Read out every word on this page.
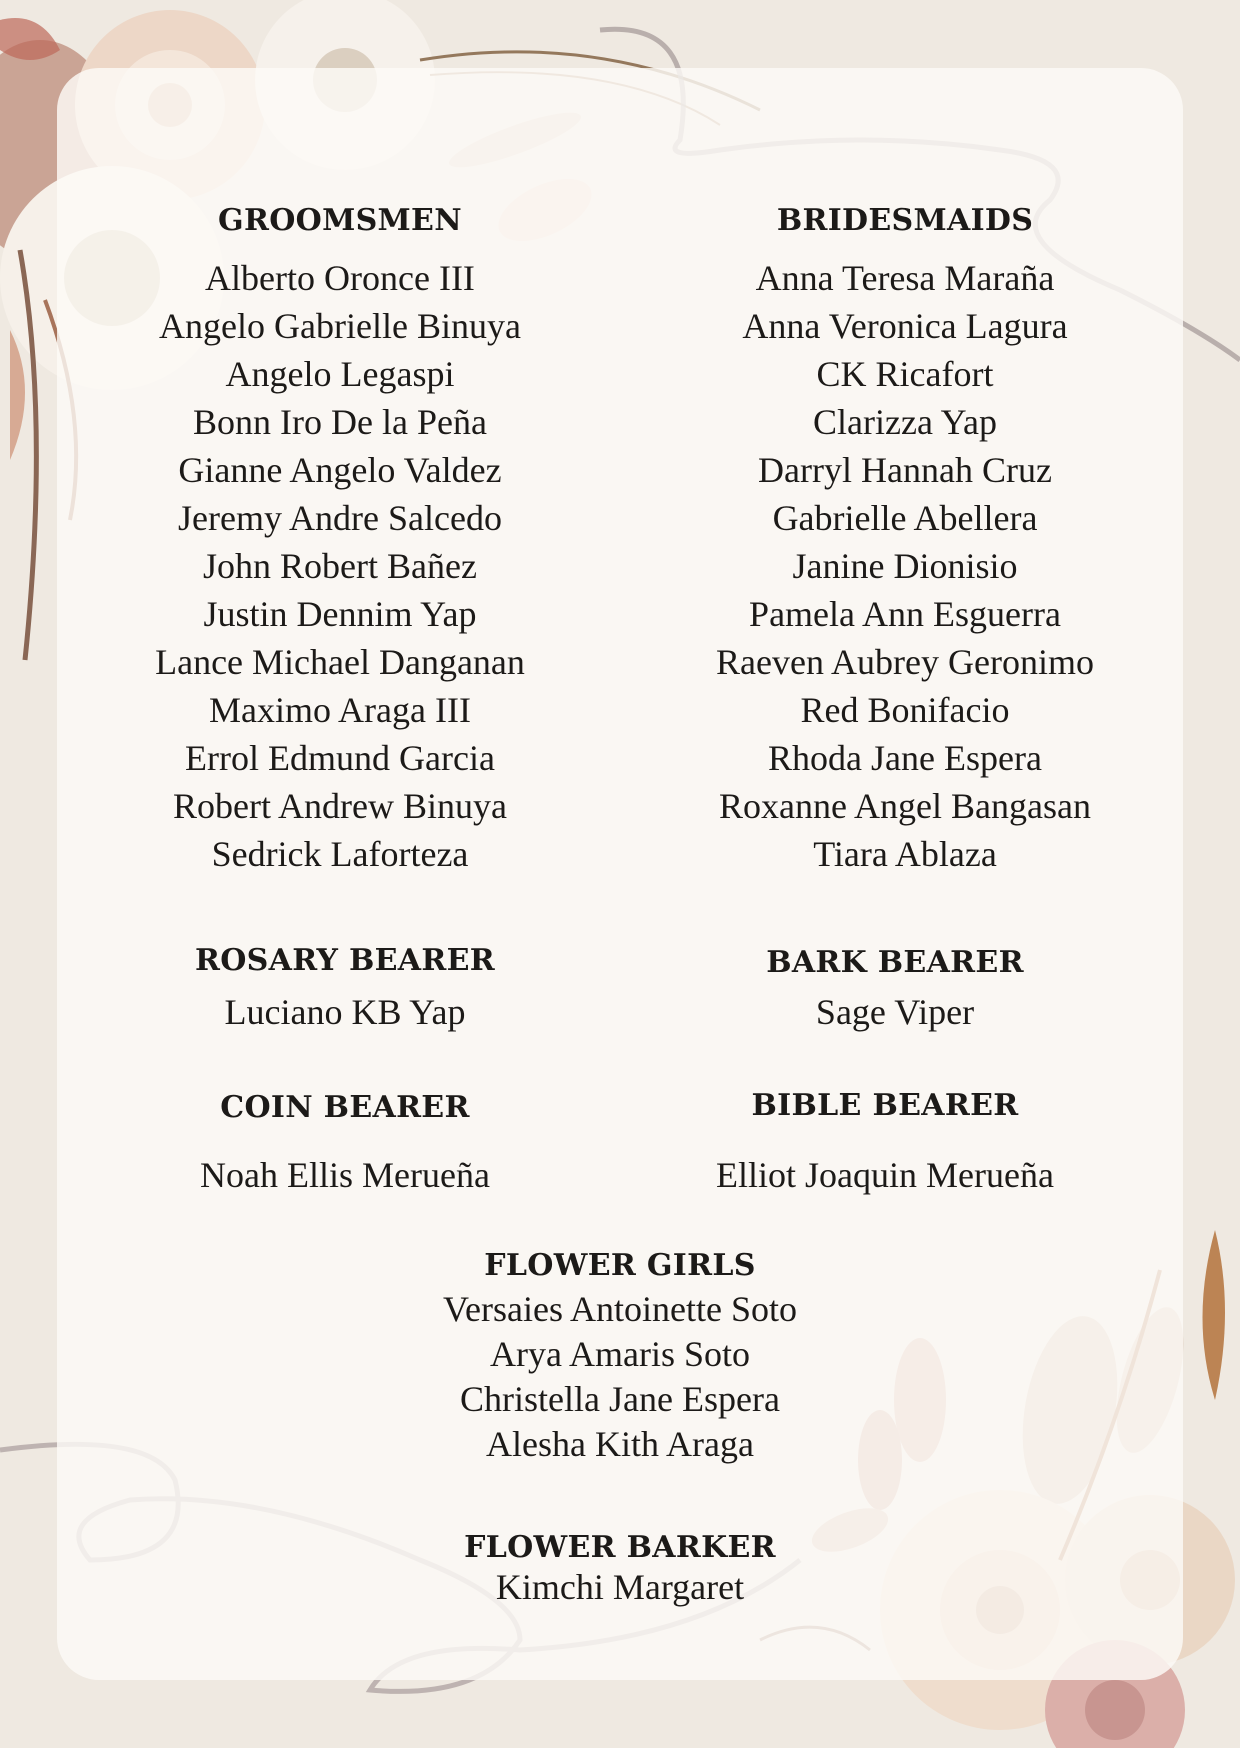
GROOMSMEN
Alberto Oronce III
Angelo Gabrielle Binuya
Angelo Legaspi
Bonn Iro De la Peña
Gianne Angelo Valdez
Jeremy Andre Salcedo
John Robert Bañez
Justin Dennim Yap
Lance Michael Danganan
Maximo Araga III
Errol Edmund Garcia
Robert Andrew Binuya
Sedrick Laforteza
BRIDESMAIDS
Anna Teresa Maraña
Anna Veronica Lagura
CK Ricafort
Clarizza Yap
Darryl Hannah Cruz
Gabrielle Abellera
Janine Dionisio
Pamela Ann Esguerra
Raeven Aubrey Geronimo
Red Bonifacio
Rhoda Jane Espera
Roxanne Angel Bangasan
Tiara Ablaza
ROSARY BEARER
Luciano KB Yap
BARK BEARER
Sage Viper
COIN BEARER
Noah Ellis Merueña
BIBLE BEARER
Elliot Joaquin Merueña
FLOWER GIRLS
Versaies Antoinette Soto
Arya Amaris Soto
Christella Jane Espera
Alesha Kith Araga
FLOWER BARKER
Kimchi Margaret
